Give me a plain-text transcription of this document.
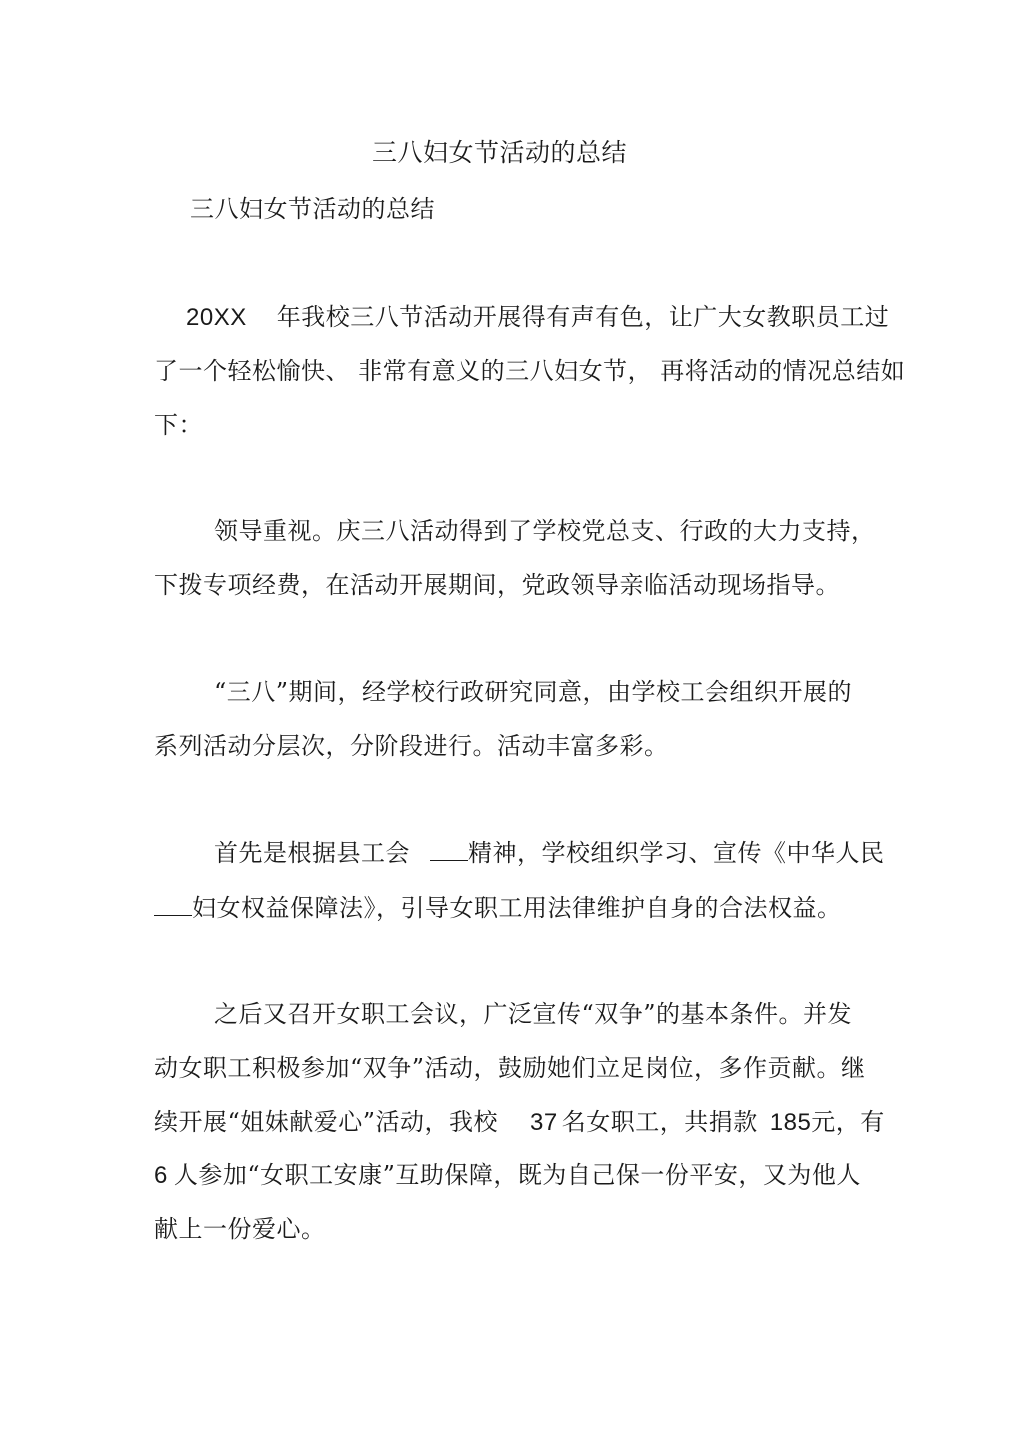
三八妇女节活动的总结
三八妇女节活动的总结
20XX 年我校三八节活动开展得有声有色，让广大女教职员工过
了一个轻松愉快、 非常有意义的三八妇女节， 再将活动的情况总结如
下：
领导重视。庆三八活动得到了学校党总支、行政的大力支持，
下拨专项经费，在活动开展期间，党政领导亲临活动现场指导。
“三八”期间，经学校行政研究同意，由学校工会组织开展的
系列活动分层次，分阶段进行。活动丰富多彩。
首先是根据县工会 精神，学校组织学习、宣传《中华人民
妇女权益保障法》，引导女职工用法律维护自身的合法权益。
之后又召开女职工会议，广泛宣传“双争”的基本条件。并发
动女职工积极参加“双争”活动，鼓励她们立足岗位，多作贡献。继
续开展“姐妹献爱心”活动，我校 37 名女职工，共捐款 185元，有
6 人参加“女职工安康”互助保障，既为自己保一份平安，又为他人
献上一份爱心。
